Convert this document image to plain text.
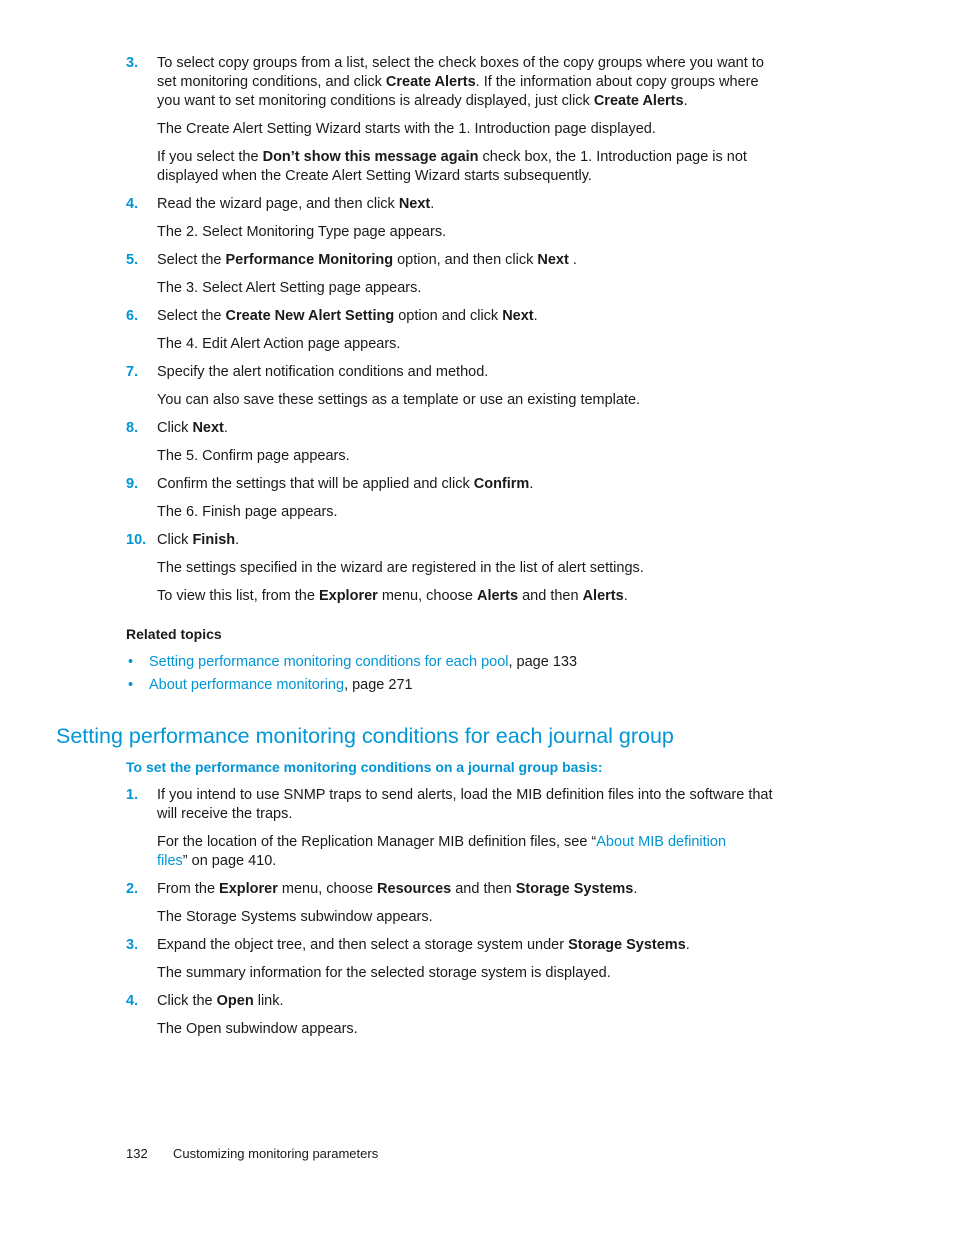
3. To select copy groups from a list, select the check boxes of the copy groups where you want to
set monitoring conditions, and click Create Alerts. If the information about copy groups where
you want to set monitoring conditions is already displayed, just click Create Alerts.
The Create Alert Setting Wizard starts with the 1. Introduction page displayed.
If you select the Don’t show this message again check box, the 1. Introduction page is not
displayed when the Create Alert Setting Wizard starts subsequently.
4. Read the wizard page, and then click Next.
The 2. Select Monitoring Type page appears.
5. Select the Performance Monitoring option, and then click Next .
The 3. Select Alert Setting page appears.
6. Select the Create New Alert Setting option and click Next.
The 4. Edit Alert Action page appears.
7. Specify the alert notification conditions and method.
You can also save these settings as a template or use an existing template.
8. Click Next.
The 5. Confirm page appears.
9. Confirm the settings that will be applied and click Confirm.
The 6. Finish page appears.
10. Click Finish.
The settings specified in the wizard are registered in the list of alert settings.
To view this list, from the Explorer menu, choose Alerts and then Alerts.
Related topics
• Setting performance monitoring conditions for each pool, page 133
• About performance monitoring, page 271
Setting performance monitoring conditions for each journal group
To set the performance monitoring conditions on a journal group basis:
1. If you intend to use SNMP traps to send alerts, load the MIB definition files into the software that
will receive the traps.
For the location of the Replication Manager MIB definition files, see “About MIB definition
files” on page 410.
2. From the Explorer menu, choose Resources and then Storage Systems.
The Storage Systems subwindow appears.
3. Expand the object tree, and then select a storage system under Storage Systems.
The summary information for the selected storage system is displayed.
4. Click the Open link.
The Open subwindow appears.
132 Customizing monitoring parameters
